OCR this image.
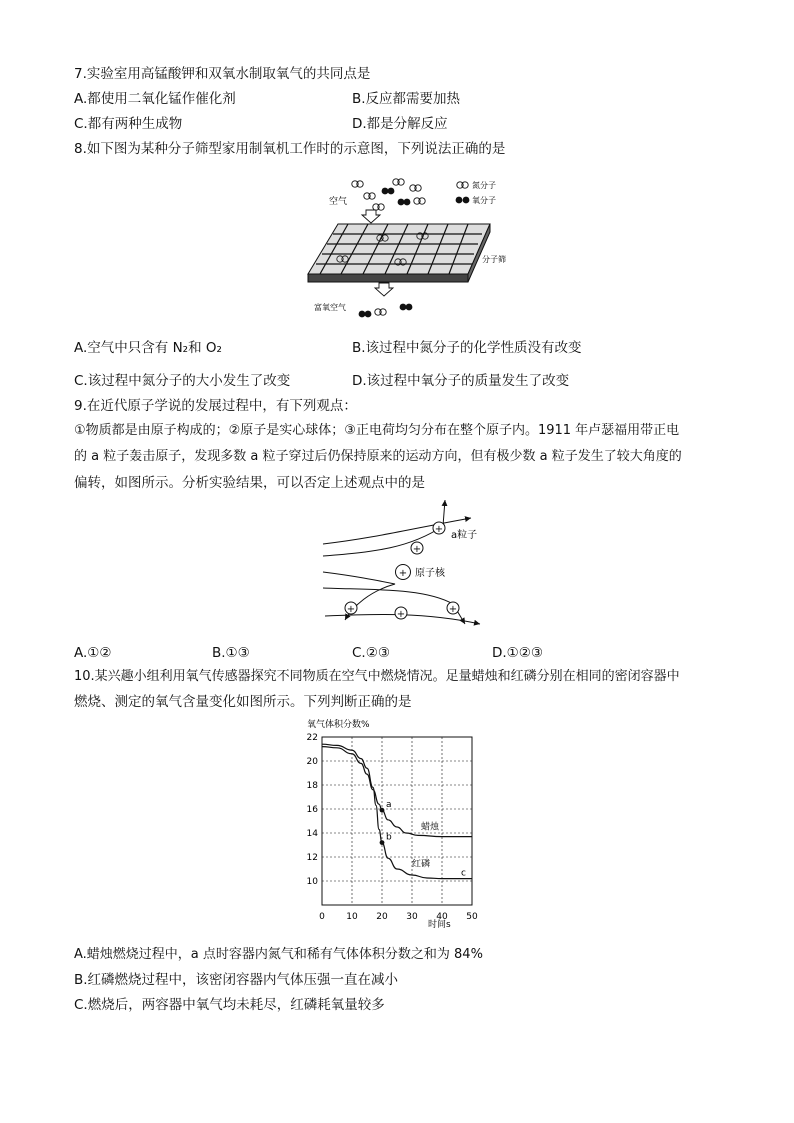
7.实验室用高锰酸钾和双氧水制取氧气的共同点是
A.都使用二氧化锰作催化剂	B.反应都需要加热
C.都有两种生成物	D.都是分解反应
8.如下图为某种分子筛型家用制氧机工作时的示意图，下列说法正确的是
空气
氮分子
氧分子
分子筛
富氧空气
A.空气中只含有 N₂和 O₂	B.该过程中氮分子的化学性质没有改变
C.该过程中氮分子的大小发生了改变	D.该过程中氧分子的质量发生了改变
9.在近代原子学说的发展过程中，有下列观点：
①物质都是由原子构成的；②原子是实心球体；③正电荷均匀分布在整个原子内。1911 年卢瑟福用带正电
的 a 粒子轰击原子，发现多数 a 粒子穿过后仍保持原来的运动方向，但有极少数 a 粒子发生了较大角度的
偏转，如图所示。分析实验结果，可以否定上述观点中的是
+
+
+	+	+
+
a粒子
原子核
A.①②	B.①③	C.②③	D.①②③
10.某兴趣小组利用氧气传感器探究不同物质在空气中燃烧情况。足量蜡烛和红磷分别在相同的密闭容器中
燃烧、测定的氧气含量变化如图所示。下列判断正确的是
0 10 20 30 40 50
10
12
14
16
18
20
22
a
b
c
氧气体积分数%
时间s
蜡烛
红磷
A.蜡烛燃烧过程中，a 点时容器内氮气和稀有气体体积分数之和为 84%
B.红磷燃烧过程中，该密闭容器内气体压强一直在减小
C.燃烧后，两容器中氧气均未耗尽，红磷耗氧量较多
